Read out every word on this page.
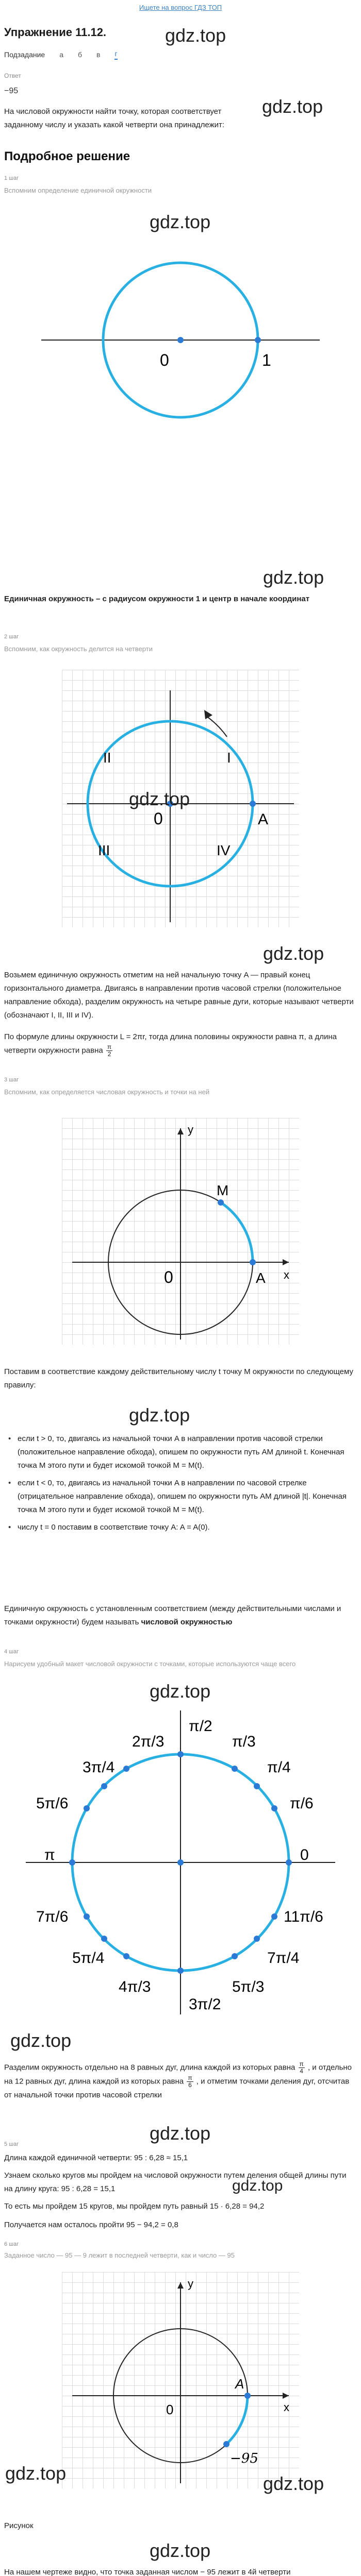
Ищете на вопрос ГДЗ ТОП
Упражнение 11.12.	gdz.top
Подзадание а б в г
Ответ
−95
gdz.top
На числовой окружности найти точку, которая соответствует заданному числу и указать какой четверти она принадлежит:
Подробное решение
1 шаг
Вспомним определение единичной окружности
gdz.top
0	1
gdz.top
Единичная окружность – с радиусом окружности 1 и центр в начале координат
2 шаг
Вспомним, как окружность делится на четверти
I
II
III	IV
0	A
gdz.top
gdz.top
Возьмем единичную окружность отметим на ней начальную точку A — правый конец горизонтального диаметра. Двигаясь в направлении против часовой стрелки (положительное направление обхода), разделим окружность на четыре равные дуги, которые называют четверти (обозначают I, II, III и IV).
По формуле длины окружности L = 2πr, тогда длина половины окружности равна π, а длина четверти окружности равна $\frac{\pi}{2}$
3 шаг
Вспомним, как определяется числовая окружность и точки на ней
y
x
M
0	A
Поставим в соответствие каждому действительному числу t точку M окружности по следующему правилу:
gdz.top
• если t > 0, то, двигаясь из начальной точки A в направлении против часовой стрелки (положительное направление обхода), опишем по окружности путь AM длиной t. Конечная точка M этого пути и будет искомой точкой M = M(t).
• если t < 0, то, двигаясь из начальной точки A в направлении по часовой стрелке (отрицательное направление обхода), опишем по окружности путь AM длиной |t|. Конечная точка M этого пути и будет искомой точкой M = M(t).
• числу t = 0 поставим в соответствие точку A: A = A(0).
Единичную окружность с установленным соответствием (между действительными числами и точками окружности) будем называть числовой окружностью
4 шаг
Нарисуем удобный макет числовой окружности с точками, которые используются чаще всего
gdz.top
π/2
2π/3	π/3
3π/4	π/4
5π/6	π/6
π	0
7π/6	11π/6
5π/4	7π/4
4π/3	5π/3
3π/2
gdz.top
Разделим окружность отдельно на 8 равных дуг, длина каждой из которых равна $\frac{\pi}{4}$ , и отдельно на 12 равных дуг, длина каждой из которых равна $\frac{\pi}{6}$ , и отметим точками деления дуг, отсчитав от начальной точки против часовой стрелки
gdz.top
5 шаг
Длина каждой единичной четверти: 95 : 6,28 ≈ 15,1
Узнаем сколько кругов мы пройдем на числовой окружности путем деления общей длины пути на длину круга: 95 : 6,28 = 15,1
То есть мы пройдем 15 кругов, мы пройдем путь равный 15 · 6,28 = 94,2
gdz.top
Получается нам осталось пройти 95 − 94,2 = 0,8
6 шаг
Заданное число — 95 — 9 лежит в последней четверти, как и число — 95
y
x
A
0
−95
gdz.top	gdz.top
Рисунок
gdz.top
На нашем чертеже видно, что точка заданная числом − 95 лежит в 4й четверти
